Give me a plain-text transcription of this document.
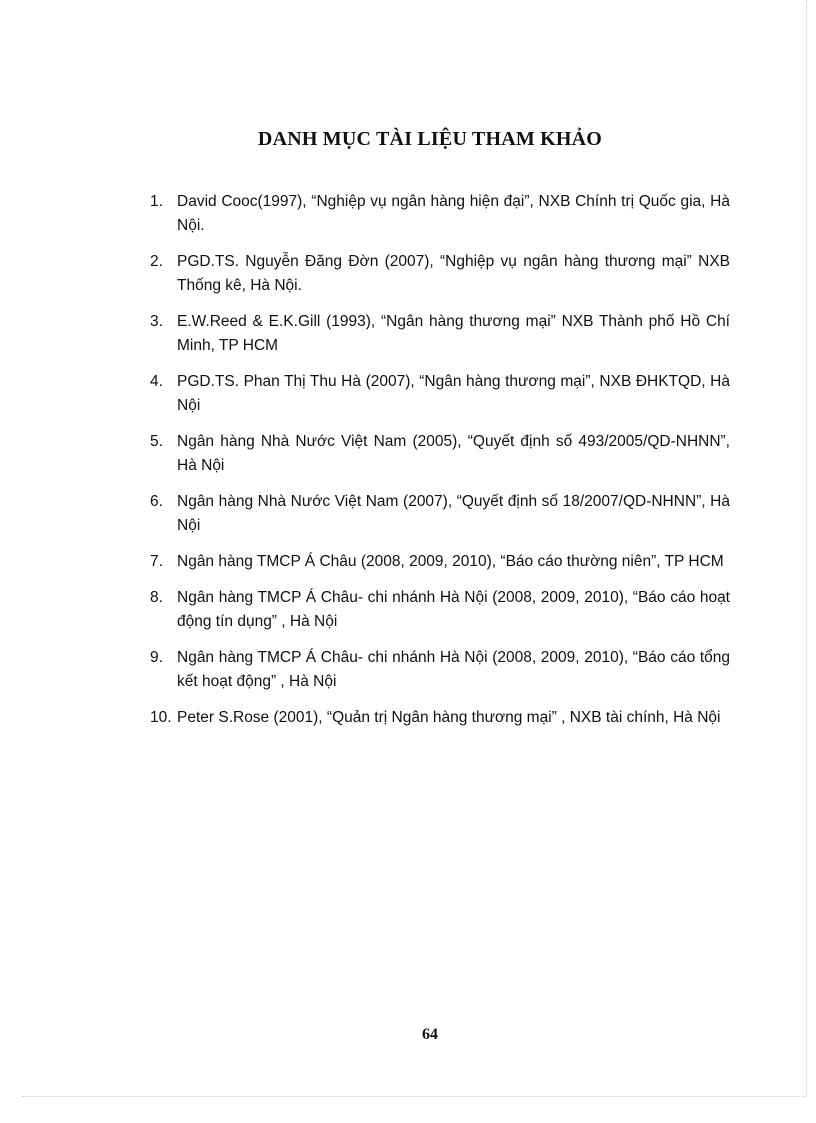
DANH MỤC TÀI LIỆU THAM KHẢO
1. David Cooc(1997), “Nghiệp vụ ngân hàng hiện đại”, NXB Chính trị Quốc gia, Hà Nội.
2. PGD.TS. Nguyễn Đăng Đờn (2007), “Nghiệp vụ ngân hàng thương mại” NXB Thống kê, Hà Nội.
3. E.W.Reed & E.K.Gill (1993), “Ngân hàng thương mại” NXB Thành phố Hồ Chí Minh, TP HCM
4. PGD.TS. Phan Thị Thu Hà (2007), “Ngân hàng thương mại”, NXB ĐHKTQD, Hà Nội
5. Ngân hàng Nhà Nước Việt Nam (2005), “Quyết định số 493/2005/QD-NHNN”, Hà Nội
6. Ngân hàng Nhà Nước Việt Nam (2007), “Quyết định số 18/2007/QD-NHNN”, Hà Nội
7. Ngân hàng TMCP Á Châu (2008, 2009, 2010), “Báo cáo thường niên”, TP HCM
8. Ngân hàng TMCP Á Châu- chi nhánh Hà Nội (2008, 2009, 2010), “Báo cáo hoạt động tín dụng” , Hà Nội
9. Ngân hàng TMCP Á Châu- chi nhánh Hà Nội (2008, 2009, 2010), “Báo cáo tổng kết hoạt động” , Hà Nội
10. Peter S.Rose (2001), “Quản trị Ngân hàng thương mại” , NXB tài chính, Hà Nội
64
